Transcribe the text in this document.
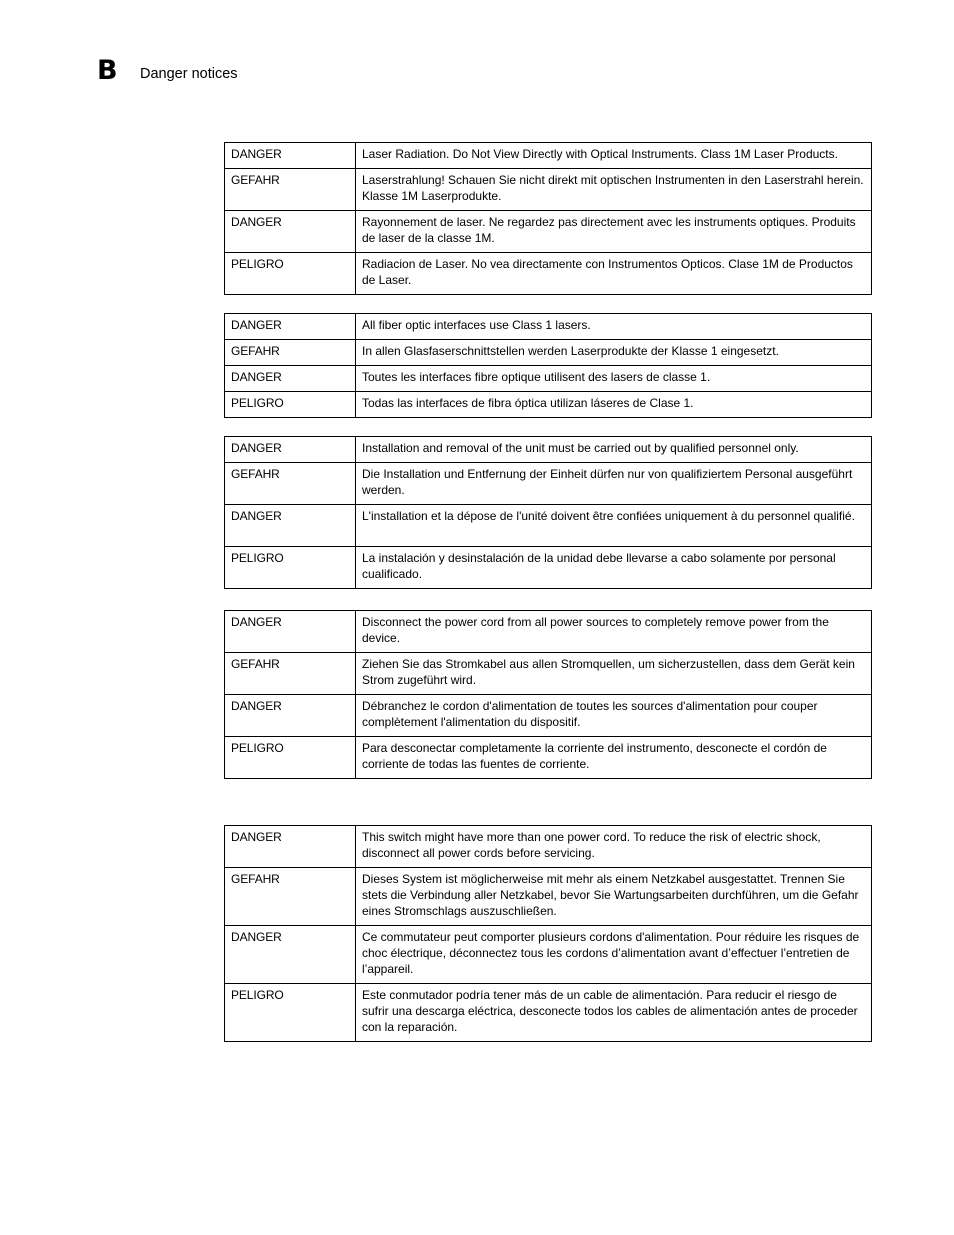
B Danger notices
DANGER	Laser Radiation. Do Not View Directly with Optical Instruments. Class 1M Laser Products.
GEFAHR	Laserstrahlung! Schauen Sie nicht direkt mit optischen Instrumenten in den Laserstrahl herein. Klasse 1M Laserprodukte.
DANGER	Rayonnement de laser. Ne regardez pas directement avec les instruments optiques. Produits de laser de la classe 1M.
PELIGRO	Radiacion de Laser. No vea directamente con Instrumentos Opticos. Clase 1M de Productos de Laser.
DANGER	All fiber optic interfaces use Class 1 lasers.
GEFAHR	In allen Glasfaserschnittstellen werden Laserprodukte der Klasse 1 eingesetzt.
DANGER	Toutes les interfaces fibre optique utilisent des lasers de classe 1.
PELIGRO	Todas las interfaces de fibra óptica utilizan láseres de Clase 1.
DANGER	Installation and removal of the unit must be carried out by qualified personnel only.
GEFAHR	Die Installation und Entfernung der Einheit dürfen nur von qualifiziertem Personal ausgeführt werden.
DANGER	L'installation et la dépose de l'unité doivent être confiées uniquement à du personnel qualifié.
PELIGRO	La instalación y desinstalación de la unidad debe llevarse a cabo solamente por personal cualificado.
DANGER	Disconnect the power cord from all power sources to completely remove power from the device.
GEFAHR	Ziehen Sie das Stromkabel aus allen Stromquellen, um sicherzustellen, dass dem Gerät kein Strom zugeführt wird.
DANGER	Débranchez le cordon d'alimentation de toutes les sources d'alimentation pour couper complètement l'alimentation du dispositif.
PELIGRO	Para desconectar completamente la corriente del instrumento, desconecte el cordón de corriente de todas las fuentes de corriente.
DANGER	This switch might have more than one power cord. To reduce the risk of electric shock, disconnect all power cords before servicing.
GEFAHR	Dieses System ist möglicherweise mit mehr als einem Netzkabel ausgestattet. Trennen Sie stets die Verbindung aller Netzkabel, bevor Sie Wartungsarbeiten durchführen, um die Gefahr eines Stromschlags auszuschließen.
DANGER	Ce commutateur peut comporter plusieurs cordons d'alimentation. Pour réduire les risques de choc électrique, déconnectez tous les cordons d’alimentation avant d’effectuer l’entretien de l’appareil.
PELIGRO	Este conmutador podría tener más de un cable de alimentación. Para reducir el riesgo de sufrir una descarga eléctrica, desconecte todos los cables de alimentación antes de proceder con la reparación.
